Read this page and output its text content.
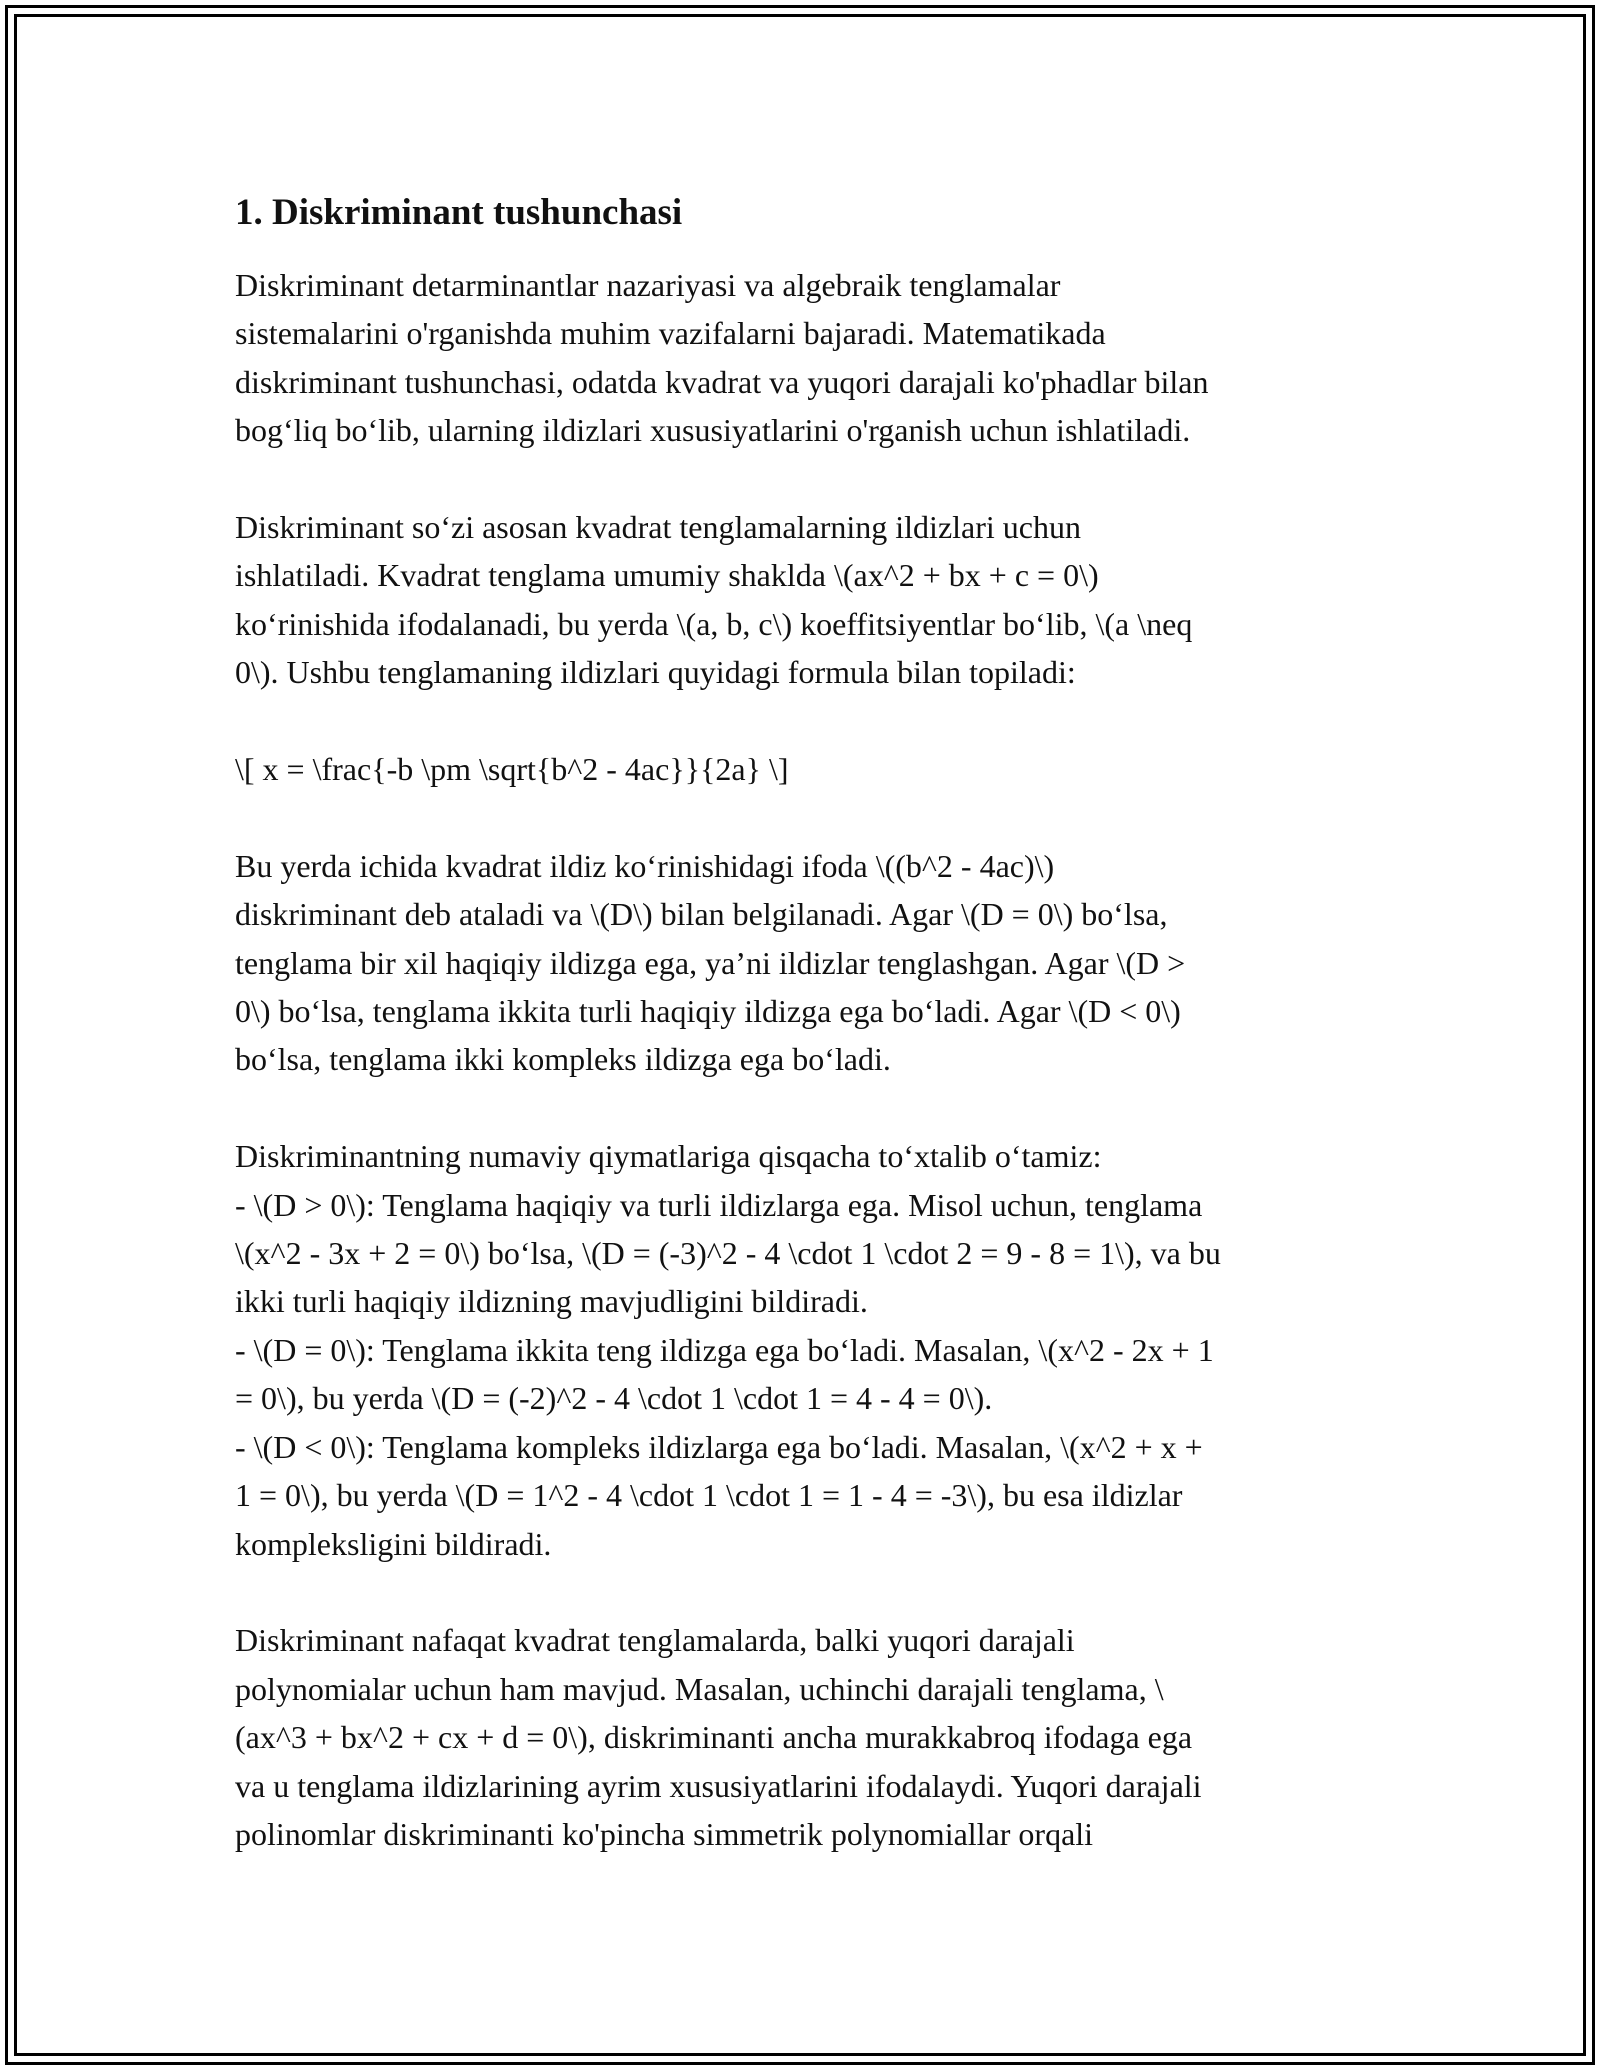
1. Diskriminant tushunchasi

Diskriminant detarminantlar nazariyasi va algebraik tenglamalar
sistemalarini o'rganishda muhim vazifalarni bajaradi. Matematikada
diskriminant tushunchasi, odatda kvadrat va yuqori darajali ko'phadlar bilan
bog‘liq bo‘lib, ularning ildizlari xususiyatlarini o'rganish uchun ishlatiladi.

Diskriminant so‘zi asosan kvadrat tenglamalarning ildizlari uchun
ishlatiladi. Kvadrat tenglama umumiy shaklda \(ax^2 + bx + c = 0\)
ko‘rinishida ifodalanadi, bu yerda \(a, b, c\) koeffitsiyentlar bo‘lib, \(a \neq
0\). Ushbu tenglamaning ildizlari quyidagi formula bilan topiladi:

\[ x = \frac{-b \pm \sqrt{b^2 - 4ac}}{2a} \]

Bu yerda ichida kvadrat ildiz ko‘rinishidagi ifoda \((b^2 - 4ac)\)
diskriminant deb ataladi va \(D\) bilan belgilanadi. Agar \(D = 0\) bo‘lsa,
tenglama bir xil haqiqiy ildizga ega, ya’ni ildizlar tenglashgan. Agar \(D >
0\) bo‘lsa, tenglama ikkita turli haqiqiy ildizga ega bo‘ladi. Agar \(D < 0\)
bo‘lsa, tenglama ikki kompleks ildizga ega bo‘ladi.

Diskriminantning numaviy qiymatlariga qisqacha to‘xtalib o‘tamiz:
- \(D > 0\): Tenglama haqiqiy va turli ildizlarga ega. Misol uchun, tenglama
\(x^2 - 3x + 2 = 0\) bo‘lsa, \(D = (-3)^2 - 4 \cdot 1 \cdot 2 = 9 - 8 = 1\), va bu
ikki turli haqiqiy ildizning mavjudligini bildiradi.
- \(D = 0\): Tenglama ikkita teng ildizga ega bo‘ladi. Masalan, \(x^2 - 2x + 1
= 0\), bu yerda \(D = (-2)^2 - 4 \cdot 1 \cdot 1 = 4 - 4 = 0\).
- \(D < 0\): Tenglama kompleks ildizlarga ega bo‘ladi. Masalan, \(x^2 + x +
1 = 0\), bu yerda \(D = 1^2 - 4 \cdot 1 \cdot 1 = 1 - 4 = -3\), bu esa ildizlar
kompleksligini bildiradi.

Diskriminant nafaqat kvadrat tenglamalarda, balki yuqori darajali
polynomialar uchun ham mavjud. Masalan, uchinchi darajali tenglama, \
(ax^3 + bx^2 + cx + d = 0\), diskriminanti ancha murakkabroq ifodaga ega
va u tenglama ildizlarining ayrim xususiyatlarini ifodalaydi. Yuqori darajali
polinomlar diskriminanti ko'pincha simmetrik polynomiallar orqali
